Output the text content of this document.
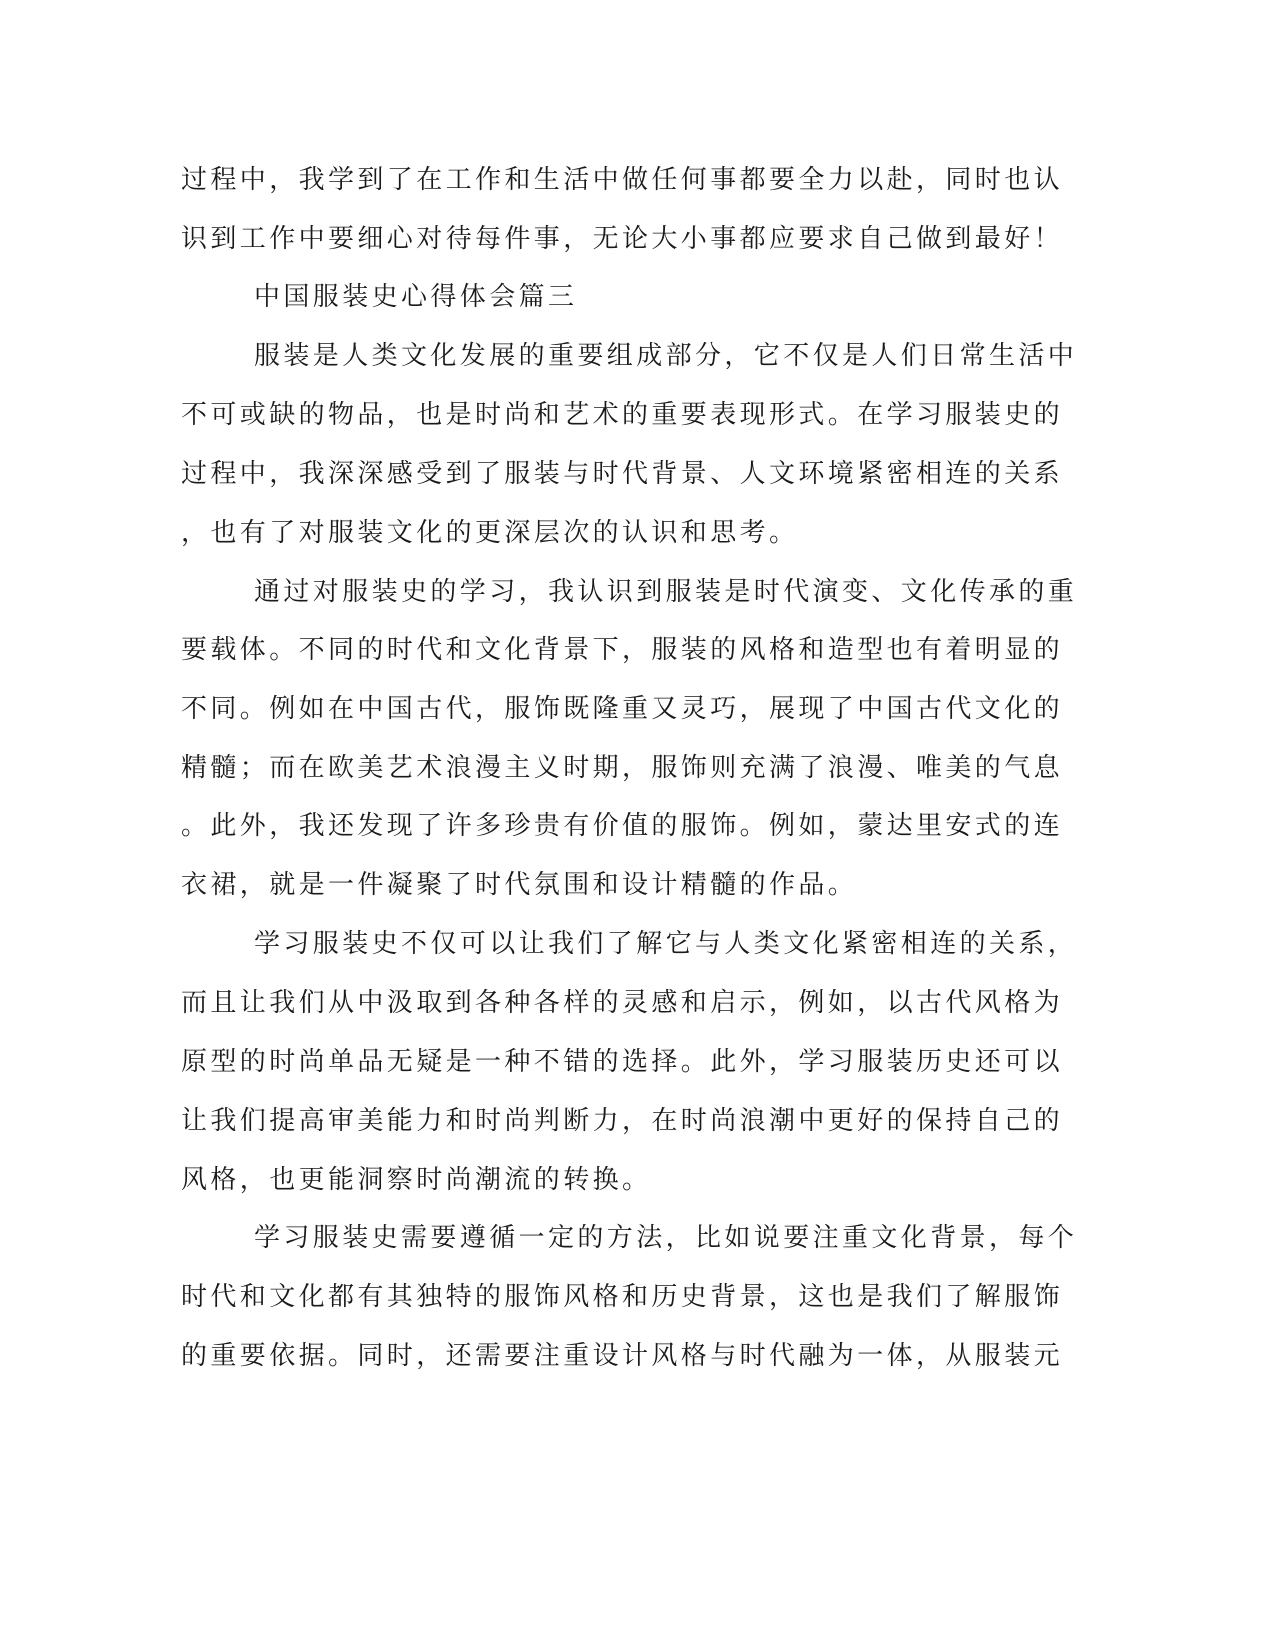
过程中，我学到了在工作和生活中做任何事都要全力以赴，同时也认
识到工作中要细心对待每件事，无论大小事都应要求自己做到最好！
中国服装史心得体会篇三
服装是人类文化发展的重要组成部分，它不仅是人们日常生活中
不可或缺的物品，也是时尚和艺术的重要表现形式。在学习服装史的
过程中，我深深感受到了服装与时代背景、人文环境紧密相连的关系
，也有了对服装文化的更深层次的认识和思考。
通过对服装史的学习，我认识到服装是时代演变、文化传承的重
要载体。不同的时代和文化背景下，服装的风格和造型也有着明显的
不同。例如在中国古代，服饰既隆重又灵巧，展现了中国古代文化的
精髓；而在欧美艺术浪漫主义时期，服饰则充满了浪漫、唯美的气息
。此外，我还发现了许多珍贵有价值的服饰。例如，蒙达里安式的连
衣裙，就是一件凝聚了时代氛围和设计精髓的作品。
学习服装史不仅可以让我们了解它与人类文化紧密相连的关系，
而且让我们从中汲取到各种各样的灵感和启示，例如，以古代风格为
原型的时尚单品无疑是一种不错的选择。此外，学习服装历史还可以
让我们提高审美能力和时尚判断力，在时尚浪潮中更好的保持自己的
风格，也更能洞察时尚潮流的转换。
学习服装史需要遵循一定的方法，比如说要注重文化背景，每个
时代和文化都有其独特的服饰风格和历史背景，这也是我们了解服饰
的重要依据。同时，还需要注重设计风格与时代融为一体，从服装元
